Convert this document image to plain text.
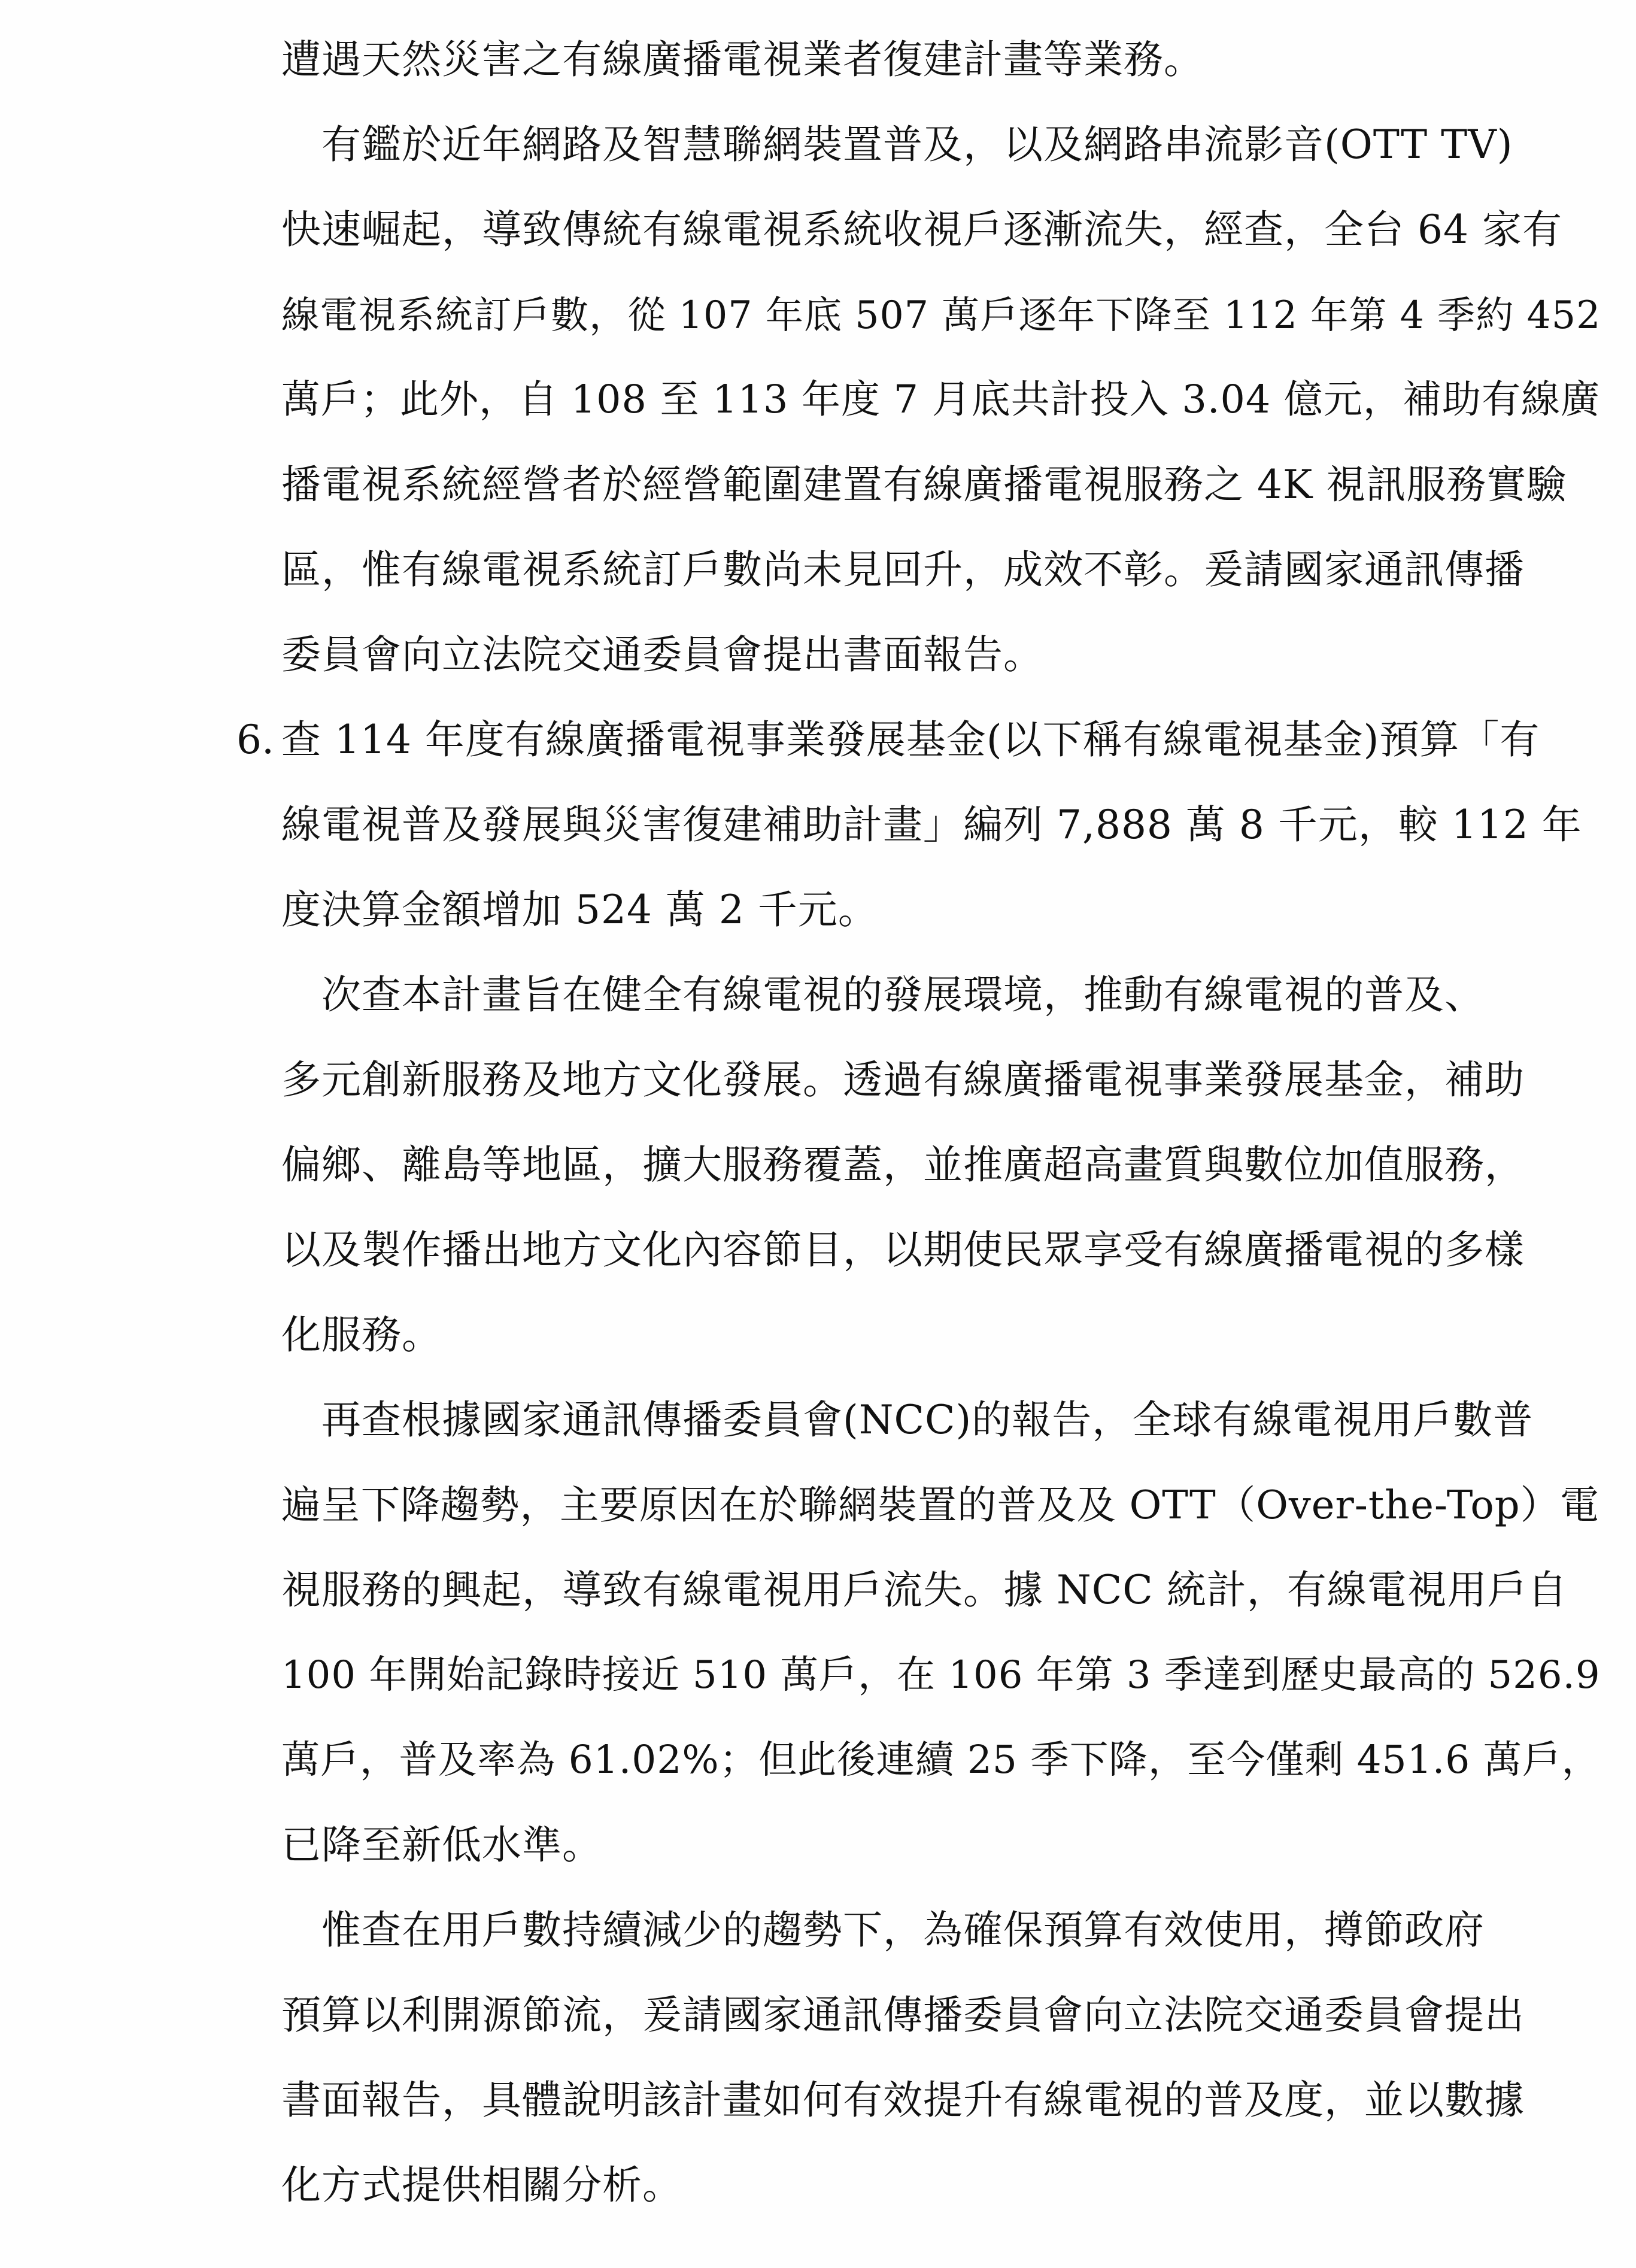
遭遇天然災害之有線廣播電視業者復建計畫等業務。
　有鑑於近年網路及智慧聯網裝置普及，以及網路串流影音(OTT TV)
快速崛起，導致傳統有線電視系統收視戶逐漸流失，經查，全台 64 家有
線電視系統訂戶數，從 107 年底 507 萬戶逐年下降至 112 年第 4 季約 452
萬戶；此外，自 108 至 113 年度 7 月底共計投入 3.04 億元，補助有線廣
播電視系統經營者於經營範圍建置有線廣播電視服務之 4K 視訊服務實驗
區，惟有線電視系統訂戶數尚未見回升，成效不彰。爰請國家通訊傳播
委員會向立法院交通委員會提出書面報告。
6. 查 114 年度有線廣播電視事業發展基金(以下稱有線電視基金)預算「有
線電視普及發展與災害復建補助計畫」編列 7,888 萬 8 千元，較 112 年
度決算金額增加 524 萬 2 千元。
　次查本計畫旨在健全有線電視的發展環境，推動有線電視的普及、
多元創新服務及地方文化發展。透過有線廣播電視事業發展基金，補助
偏鄉、離島等地區，擴大服務覆蓋，並推廣超高畫質與數位加值服務，
以及製作播出地方文化內容節目，以期使民眾享受有線廣播電視的多樣
化服務。
　再查根據國家通訊傳播委員會(NCC)的報告，全球有線電視用戶數普
遍呈下降趨勢，主要原因在於聯網裝置的普及及 OTT（Over-the-Top）電
視服務的興起，導致有線電視用戶流失。據 NCC 統計，有線電視用戶自
100 年開始記錄時接近 510 萬戶，在 106 年第 3 季達到歷史最高的 526.9
萬戶，普及率為 61.02%；但此後連續 25 季下降，至今僅剩 451.6 萬戶，
已降至新低水準。
　惟查在用戶數持續減少的趨勢下，為確保預算有效使用，撙節政府
預算以利開源節流，爰請國家通訊傳播委員會向立法院交通委員會提出
書面報告，具體說明該計畫如何有效提升有線電視的普及度，並以數據
化方式提供相關分析。
